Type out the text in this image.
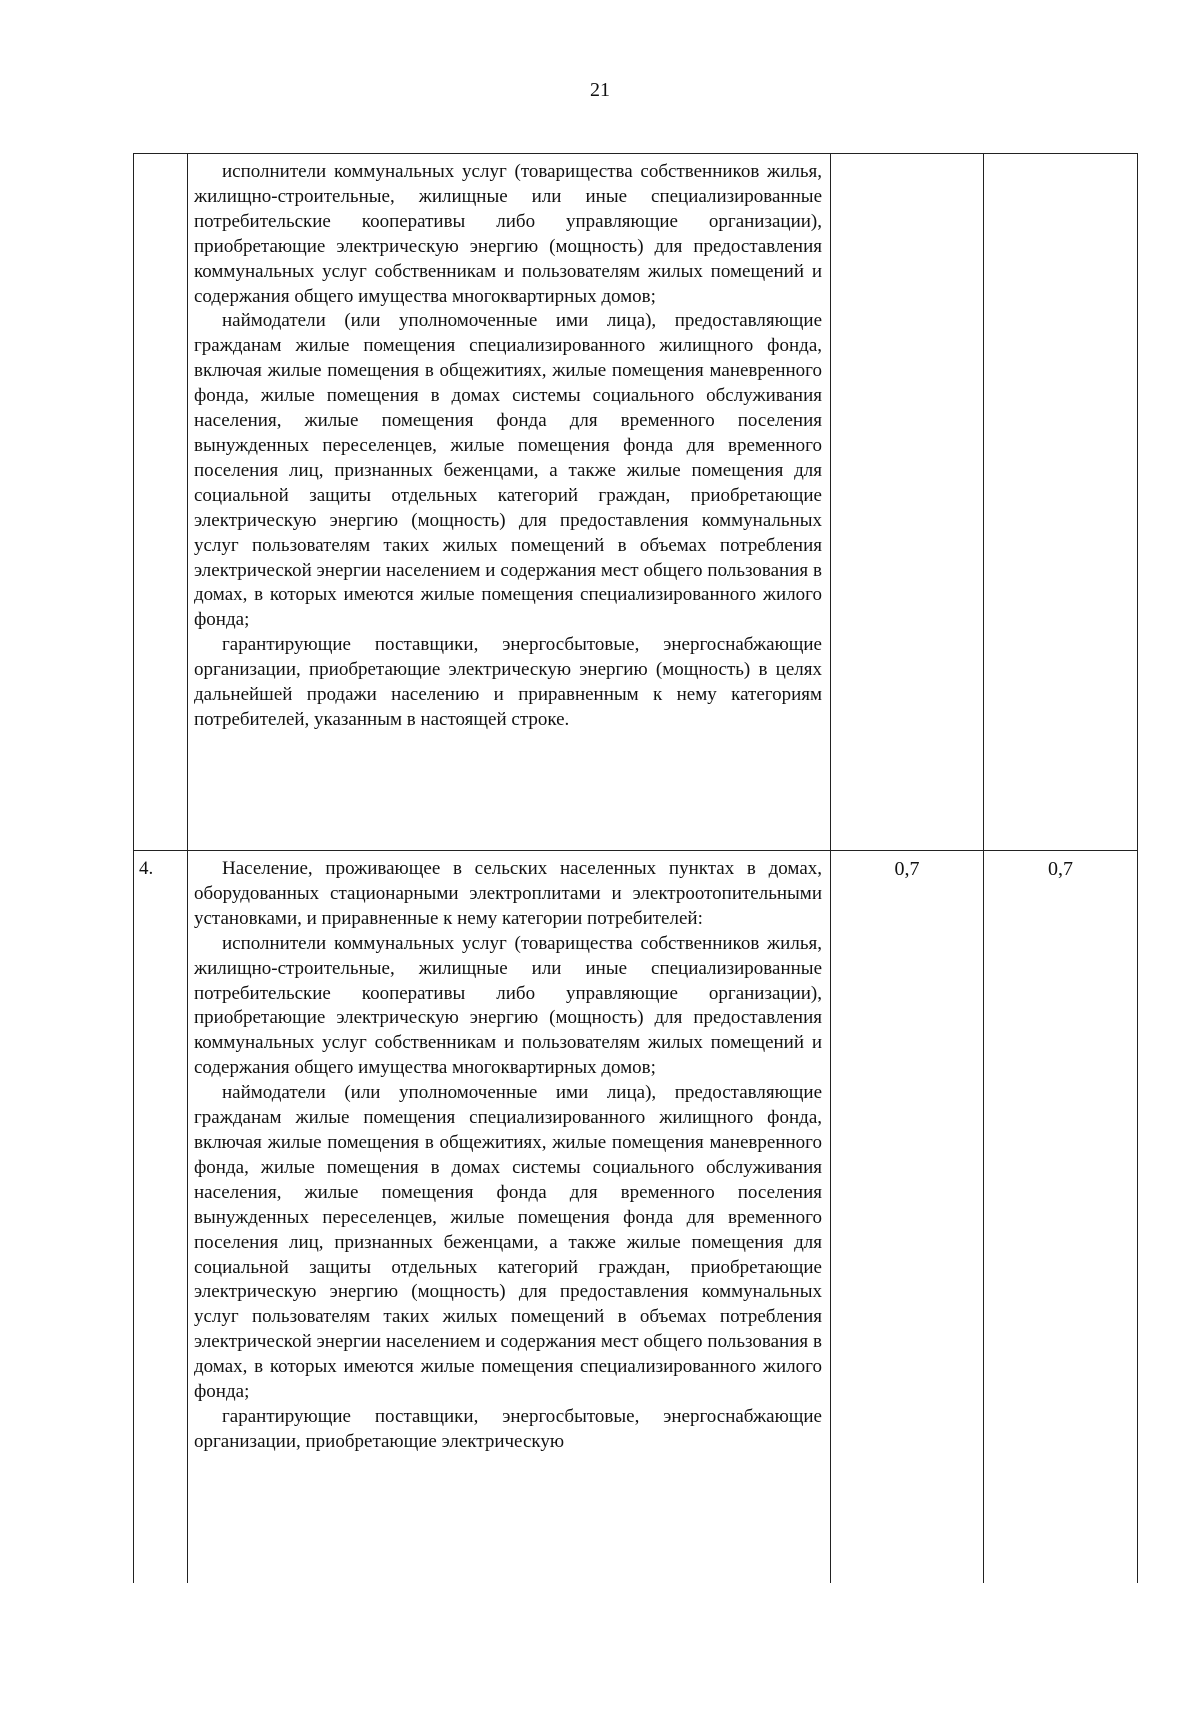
21

	исполнители коммунальных услуг (товарищества собственников жилья, жилищно-строительные, жилищные или иные специализированные потребительские кооперативы либо управляющие организации), приобретающие электрическую энергию (мощность) для предоставления коммунальных услуг собственникам и пользователям жилых помещений и содержания общего имущества многоквартирных домов;

наймодатели (или уполномоченные ими лица), предоставляющие гражданам жилые помещения специализированного жилищного фонда, включая жилые помещения в общежитиях, жилые помещения маневренного фонда, жилые помещения в домах системы социального обслуживания населения, жилые помещения фонда для временного поселения вынужденных переселенцев, жилые помещения фонда для временного поселения лиц, признанных беженцами, а также жилые помещения для социальной защиты отдельных категорий граждан, приобретающие электрическую энергию (мощность) для предоставления коммунальных услуг пользователям таких жилых помещений в объемах потребления электрической энергии населением и содержания мест общего пользования в домах, в которых имеются жилые помещения специализированного жилого фонда;

гарантирующие поставщики, энергосбытовые, энергоснабжающие организации, приобретающие электрическую энергию (мощность) в целях дальнейшей продажи населению и приравненным к нему категориям потребителей, указанным в настоящей строке.		

4.	Население, проживающее в сельских населенных пунктах в домах, оборудованных стационарными электроплитами и электроотопительными установками, и приравненные к нему категории потребителей:

исполнители коммунальных услуг (товарищества собственников жилья, жилищно-строительные, жилищные или иные специализированные потребительские кооперативы либо управляющие организации), приобретающие электрическую энергию (мощность) для предоставления коммунальных услуг собственникам и пользователям жилых помещений и содержания общего имущества многоквартирных домов;

наймодатели (или уполномоченные ими лица), предоставляющие гражданам жилые помещения специализированного жилищного фонда, включая жилые помещения в общежитиях, жилые помещения маневренного фонда, жилые помещения в домах системы социального обслуживания населения, жилые помещения фонда для временного поселения вынужденных переселенцев, жилые помещения фонда для временного поселения лиц, признанных беженцами, а также жилые помещения для социальной защиты отдельных категорий граждан, приобретающие электрическую энергию (мощность) для предоставления коммунальных услуг пользователям таких жилых помещений в объемах потребления электрической энергии населением и содержания мест общего пользования в домах, в которых имеются жилые помещения специализированного жилого фонда;

гарантирующие поставщики, энергосбытовые, энергоснабжающие организации, приобретающие электрическую	0,7	0,7
